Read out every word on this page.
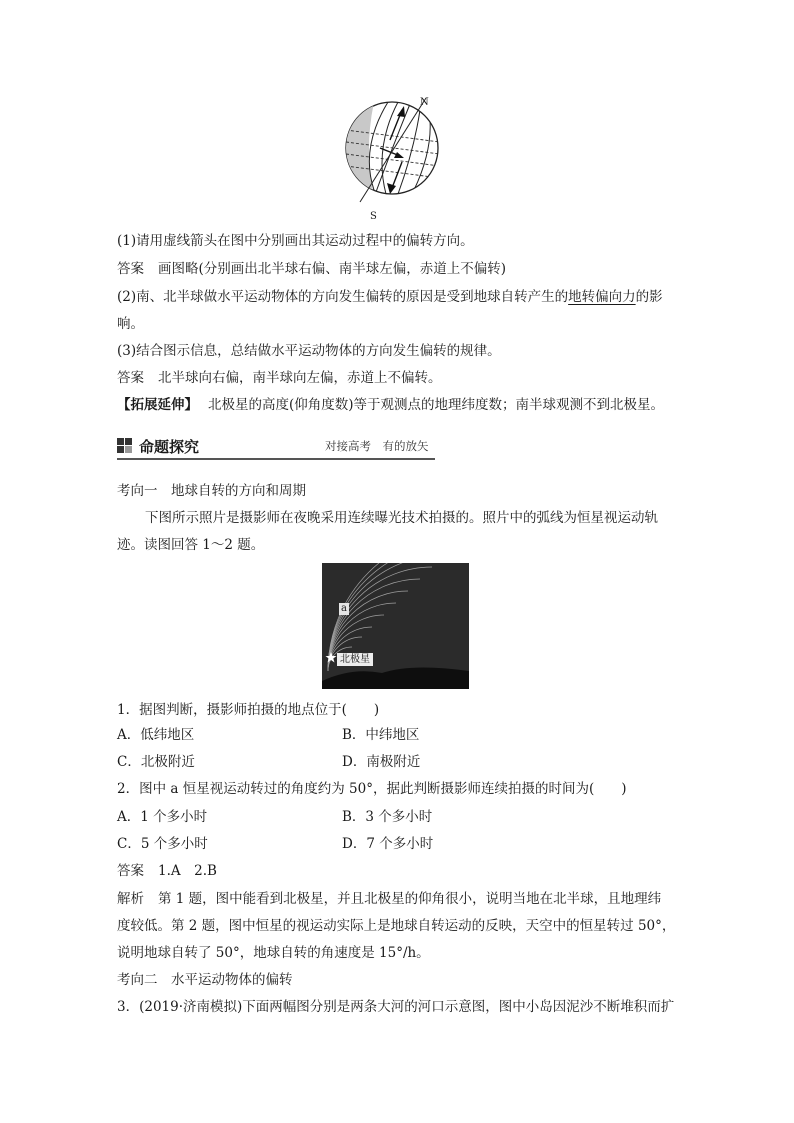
N
S
(1)请用虚线箭头在图中分别画出其运动过程中的偏转方向。
答案 画图略(分别画出北半球右偏、南半球左偏，赤道上不偏转)
(2)南、北半球做水平运动物体的方向发生偏转的原因是受到地球自转产生的地转偏向力的影
响。
(3)结合图示信息，总结做水平运动物体的方向发生偏转的规律。
答案 北半球向右偏，南半球向左偏，赤道上不偏转。
【拓展延伸】 北极星的高度(仰角度数)等于观测点的地理纬度数；南半球观测不到北极星。
命题探究	对接高考　有的放矢
考向一　地球自转的方向和周期
下图所示照片是摄影师在夜晚采用连续曝光技术拍摄的。照片中的弧线为恒星视运动轨
迹。读图回答 1～2 题。
a
北极星
1．据图判断，摄影师拍摄的地点位于(　　)
A．低纬地区	B．中纬地区
C．北极附近	D．南极附近
2．图中 a 恒星视运动转过的角度约为 50°，据此判断摄影师连续拍摄的时间为(　　)
A．1 个多小时	B．3 个多小时
C．5 个多小时	D．7 个多小时
答案 1.A　2.B
解析 第 1 题，图中能看到北极星，并且北极星的仰角很小，说明当地在北半球，且地理纬
度较低。第 2 题，图中恒星的视运动实际上是地球自转运动的反映，天空中的恒星转过 50°，
说明地球自转了 50°，地球自转的角速度是 15°/h。
考向二　水平运动物体的偏转
3．(2019·济南模拟)下面两幅图分别是两条大河的河口示意图，图中小岛因泥沙不断堆积而扩
